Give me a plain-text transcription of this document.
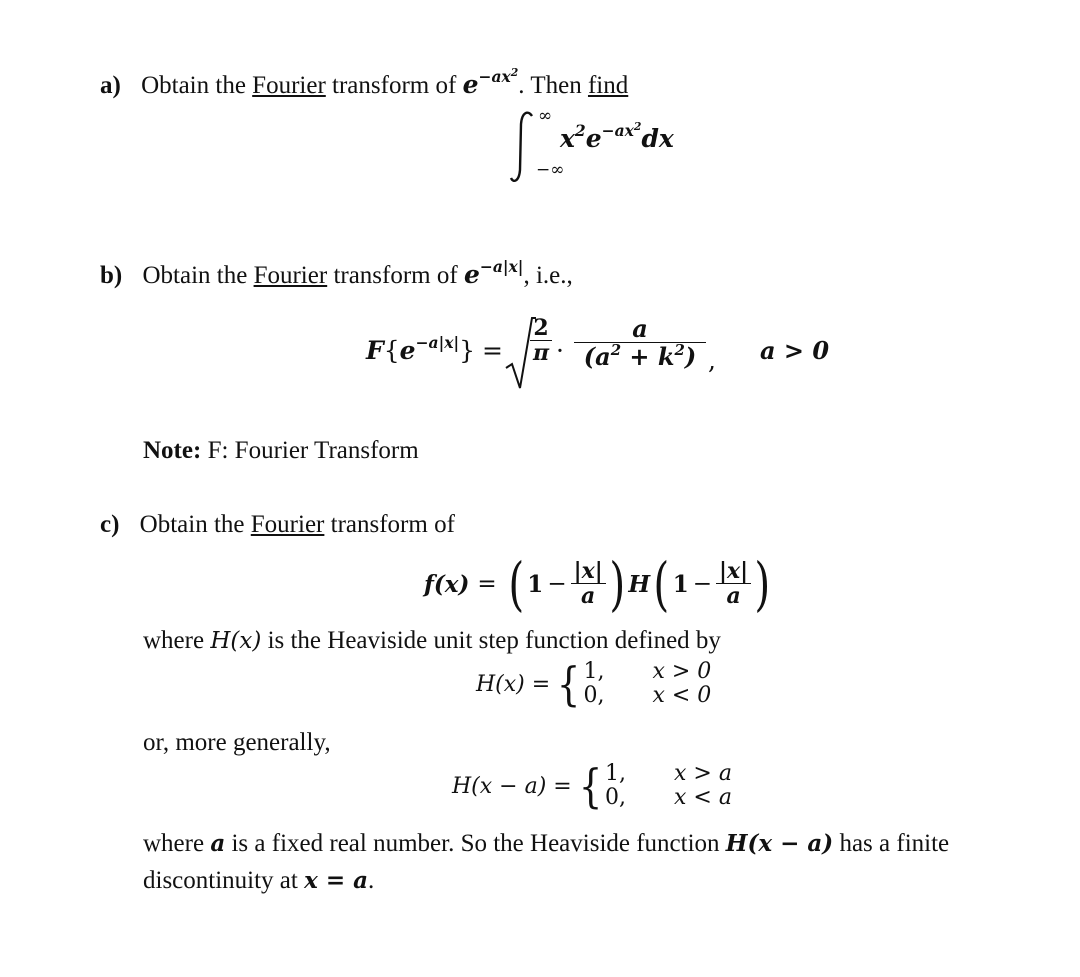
a) Obtain the Fourier transform of $e^{-ax^2}$. Then find
∞
−∞
$x^2e^{-ax^2}dx$
b) Obtain the Fourier transform of $e^{-a|x|}$, i.e.,
$F\{e^{-a|x|}\} = \frac{2}{\pi} \cdot \frac{a}{(a^2 + k^2)}$ , a > 0
Note: F: Fourier Transform
c) Obtain the Fourier transform of
f(x) = ( $1 - \frac{|x|}{a}$ ) H ( $1 - \frac{|x|}{a}$ )
where H(x) is the Heaviside unit step function defined by
H(x) = { 1, x > 0
0, x < 0
or, more generally,
H(x − a) = { 1, x > a
0, x < a
where a is a fixed real number. So the Heaviside function H(x − a) has a finite
discontinuity at x = a.
